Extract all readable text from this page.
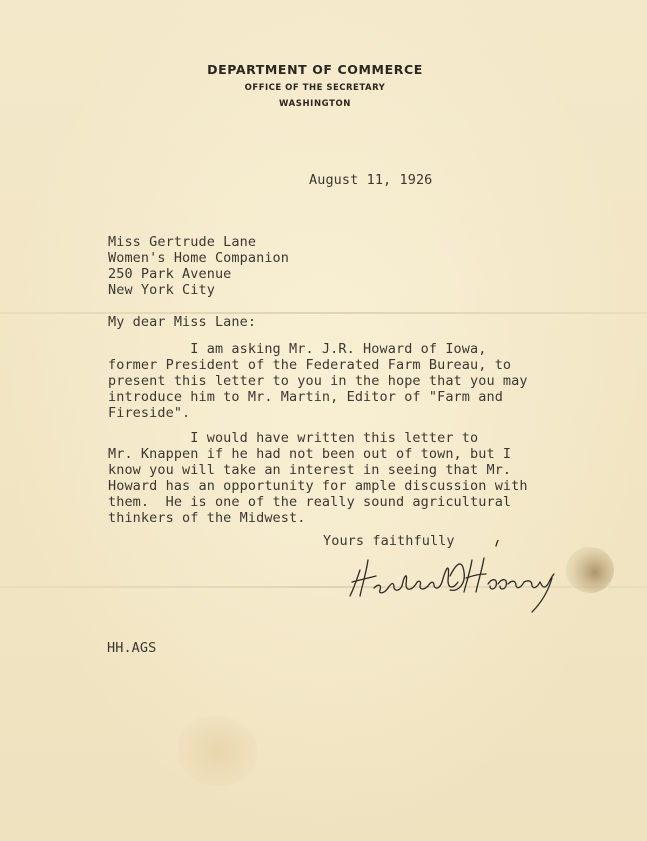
DEPARTMENT OF COMMERCE
OFFICE OF THE SECRETARY
WASHINGTON
August 11, 1926
Miss Gertrude Lane
Women's Home Companion
250 Park Avenue
New York City
My dear Miss Lane:
I am asking Mr. J.R. Howard of Iowa,
former President of the Federated Farm Bureau, to
present this letter to you in the hope that you may
introduce him to Mr. Martin, Editor of "Farm and
Fireside".
I would have written this letter to
Mr. Knappen if he had not been out of town, but I
know you will take an interest in seeing that Mr.
Howard has an opportunity for ample discussion with
them.  He is one of the really sound agricultural
thinkers of the Midwest.
Yours faithfully
HH.AGS
